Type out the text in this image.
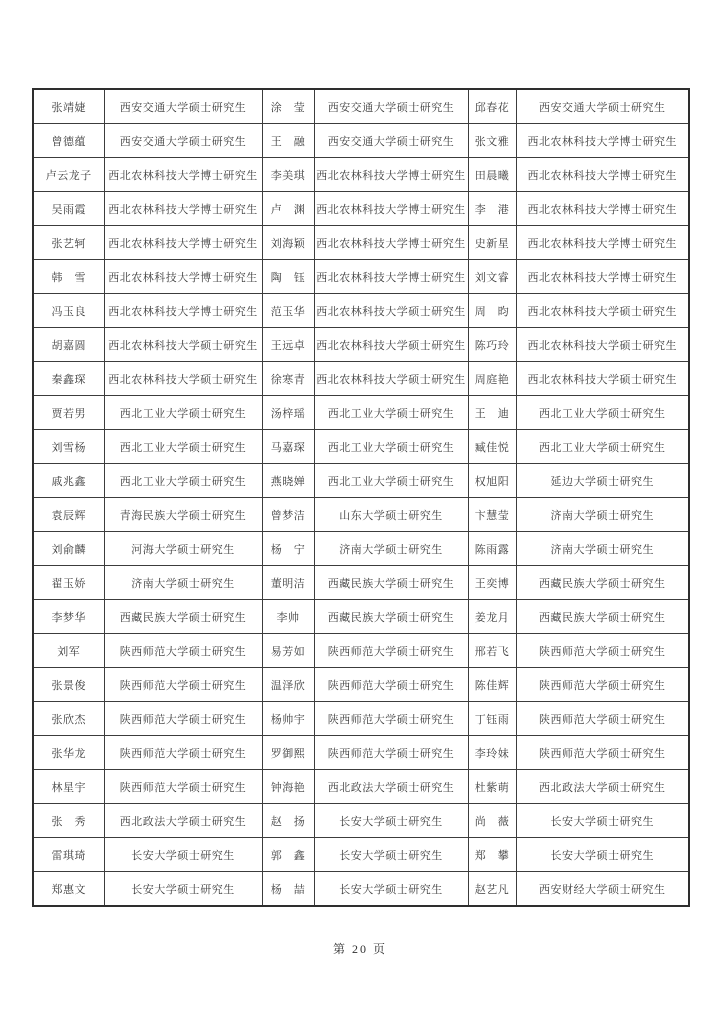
张靖婕	西安交通大学硕士研究生	涂　莹	西安交通大学硕士研究生	邱春花	西安交通大学硕士研究生
曾德蕴	西安交通大学硕士研究生	王　融	西安交通大学硕士研究生	张文雅	西北农林科技大学博士研究生
卢云龙子	西北农林科技大学博士研究生	李美琪	西北农林科技大学博士研究生	田晨曦	西北农林科技大学博士研究生
吴雨霞	西北农林科技大学博士研究生	卢　渊	西北农林科技大学博士研究生	李　港	西北农林科技大学博士研究生
张艺轲	西北农林科技大学博士研究生	刘海颖	西北农林科技大学博士研究生	史新星	西北农林科技大学博士研究生
韩　雪	西北农林科技大学博士研究生	陶　钰	西北农林科技大学博士研究生	刘文睿	西北农林科技大学博士研究生
冯玉良	西北农林科技大学博士研究生	范玉华	西北农林科技大学硕士研究生	周　昀	西北农林科技大学硕士研究生
胡嘉圆	西北农林科技大学硕士研究生	王远卓	西北农林科技大学硕士研究生	陈巧玲	西北农林科技大学硕士研究生
秦鑫琛	西北农林科技大学硕士研究生	徐寒青	西北农林科技大学硕士研究生	周庭艳	西北农林科技大学硕士研究生
贾若男	西北工业大学硕士研究生	汤梓瑶	西北工业大学硕士研究生	王　迪	西北工业大学硕士研究生
刘雪杨	西北工业大学硕士研究生	马嘉琛	西北工业大学硕士研究生	臧佳悦	西北工业大学硕士研究生
戚兆鑫	西北工业大学硕士研究生	燕晓婵	西北工业大学硕士研究生	权旭阳	延边大学硕士研究生
袁辰辉	青海民族大学硕士研究生	曾梦洁	山东大学硕士研究生	卞慧莹	济南大学硕士研究生
刘俞麟	河海大学硕士研究生	杨　宁	济南大学硕士研究生	陈雨露	济南大学硕士研究生
翟玉娇	济南大学硕士研究生	董明洁	西藏民族大学硕士研究生	王奕博	西藏民族大学硕士研究生
李梦华	西藏民族大学硕士研究生	李帅	西藏民族大学硕士研究生	姜龙月	西藏民族大学硕士研究生
刘军	陕西师范大学硕士研究生	易芳如	陕西师范大学硕士研究生	邢若飞	陕西师范大学硕士研究生
张景俊	陕西师范大学硕士研究生	温泽欣	陕西师范大学硕士研究生	陈佳辉	陕西师范大学硕士研究生
张欣杰	陕西师范大学硕士研究生	杨帅宇	陕西师范大学硕士研究生	丁钰雨	陕西师范大学硕士研究生
张华龙	陕西师范大学硕士研究生	罗御熙	陕西师范大学硕士研究生	李玲妹	陕西师范大学硕士研究生
林星宇	陕西师范大学硕士研究生	钟海艳	西北政法大学硕士研究生	杜紫萌	西北政法大学硕士研究生
张　秀	西北政法大学硕士研究生	赵　扬	长安大学硕士研究生	尚　薇	长安大学硕士研究生
雷琪琦	长安大学硕士研究生	郭　鑫	长安大学硕士研究生	郑　攀	长安大学硕士研究生
郑惠文	长安大学硕士研究生	杨　喆	长安大学硕士研究生	赵艺凡	西安财经大学硕士研究生
第 20 页
